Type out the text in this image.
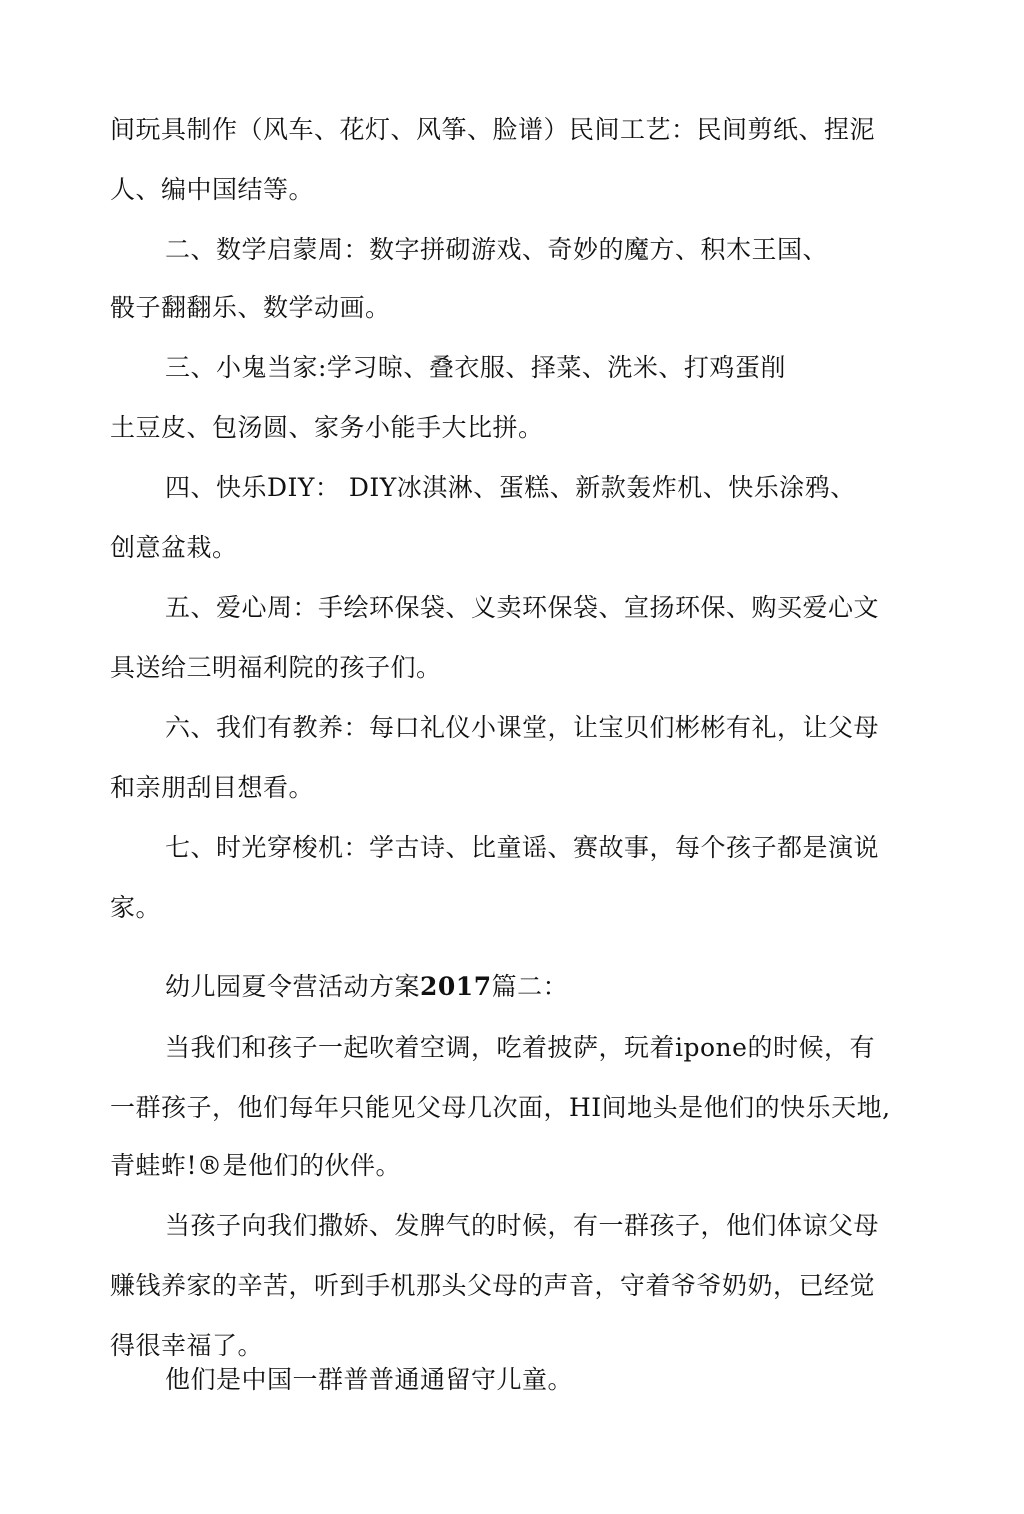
间玩具制作（风车、花灯、风筝、脸谱）民间工艺：民间剪纸、捏泥
人、编中国结等。
二、数学启蒙周：数字拼砌游戏、奇妙的魔方、积木王国、
骰子翻翻乐、数学动画。
三、小鬼当家:学习晾、叠衣服、择菜、洗米、打鸡蛋削
土豆皮、包汤圆、家务小能手大比拼。
四、快乐DIY： DIY冰淇淋、蛋糕、新款轰炸机、快乐涂鸦、
创意盆栽。
五、爱心周：手绘环保袋、义卖环保袋、宣扬环保、购买爱心文
具送给三明福利院的孩子们。
六、我们有教养：每口礼仪小课堂，让宝贝们彬彬有礼，让父母
和亲朋刮目想看。
七、时光穿梭机：学古诗、比童谣、赛故事，每个孩子都是演说
家。
幼儿园夏令营活动方案2017篇二：
当我们和孩子一起吹着空调，吃着披萨，玩着ipone的时候，有
一群孩子，他们每年只能见父母几次面，HI间地头是他们的快乐天地,
青蛙蚱!®是他们的伙伴。
当孩子向我们撒娇、发脾气的时候，有一群孩子，他们体谅父母
赚钱养家的辛苦，听到手机那头父母的声音，守着爷爷奶奶，已经觉
得很幸福了。
他们是中国一群普普通通留守儿童。
